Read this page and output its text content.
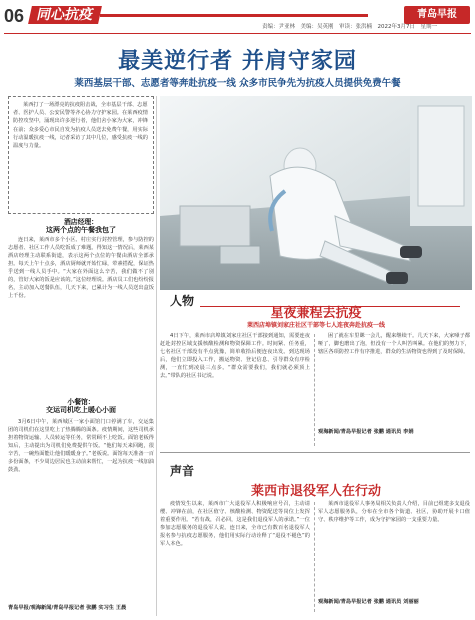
06 同心抗疫
责编：尹亚林　美编：吴英刚　审读：张洪楠　2022年3月7日　星期一
青岛早报
最美逆行者 并肩守家园
莱西基层干部、志愿者等奔赴抗疫一线 众多市民争先为抗疫人员提供免费午餐
莱西打了一场漂亮的抗疫阻击战，全市基层干部、志愿者、医护人员、公安民警等齐心协力守护家园。在莱西疫情防控攻坚中，涌现出许多逆行者，他们舍小家为大家，冲锋在前；众多爱心市民自发为抗疫人员送去免费午餐，用实际行动温暖抗疫一线，记者采访了其中几位，感受抗疫一线的温度与力量。
酒店经理：
这两个点的午餐我包了
连日来，莱西市多个小区、村庄实行封控管理，参与防控的志愿者、社区工作人员吃饭成了难题。得知这一情况后，莱西某酒店经理主动联系街道，表示这两个点位的午餐由酒店全部承担。每天上午十点多，酒店厨师就开始忙碌，荤素搭配，保证热乎送到一线人员手中。“大家在外面这么辛苦，我们做不了别的，管好大家的饭是应该的。”这位经理说。酒店员工们也纷纷报名，主动加入送餐队伍，几天下来，已累计为一线人员送出盒饭上千份。
小餐馆：
交运司机吃上暖心小面
3月6日中午，莱西城区一家小面馆门口停满了车，交运集团的司机们在这里吃上了热腾腾的面条。疫情期间，这些司机承担着物资运输、人员转运等任务，常常顾不上吃饭。面馆老板得知后，主动提出为司机们免费提供午饭。“他们每天来回跑，很辛苦，一碗热面能让他们暖暖身子。”老板说。面馆每天准备一百多份面条，不少周边居民也主动前来帮忙，一起为抗疫一线加油鼓劲。
青岛早报/观海新闻/青岛早报记者 张鹏 实习生 王晨
人物
星夜兼程去抗疫
莱西店埠镇刘家庄社区干部等七人连夜奔赴抗疫一线
4日下午，莱西市店埠镇刘家庄社区干部接到通知，需要连夜赶赴封控区域支援核酸检测和物资保障工作。时间紧、任务重，七名社区干部没有半点犹豫，简单收拾后便连夜出发。到达现场后，他们立即投入工作，搬运物资、登记信息、引导群众有序检测，一直忙到凌晨三点多。“群众需要我们，我们就必须顶上去。”带队的社区书记说。
困了就在车里眯一会儿，醒来继续干。几天下来，大家嗓子都哑了，脚也磨出了泡，但没有一个人叫苦叫累。在他们的努力下，辖区各项防控工作有序推进，群众的生活物资也得到了及时保障。
观海新闻/青岛早报记者 张鹏 通讯员 李娟
声音
莱西市退役军人在行动
疫情发生以来，莱西市广大退役军人积极响应号召，主动请缨、冲锋在前，在社区值守、核酸检测、物资配送等岗位上发挥着重要作用。“若有战，召必回，这是我们退役军人的承诺。”一位参加志愿服务的退役军人说。连日来，全市已有数百名退役军人报名参与抗疫志愿服务，他们用实际行动诠释了“退役不褪色”的军人本色。
莱西市退役军人事务局相关负责人介绍，目前已组建多支退役军人志愿服务队，分布在全市各个街道、社区，协助开展卡口值守、秩序维护等工作，成为守护家园的一支重要力量。
观海新闻/青岛早报记者 张鹏 通讯员 刘丽丽
